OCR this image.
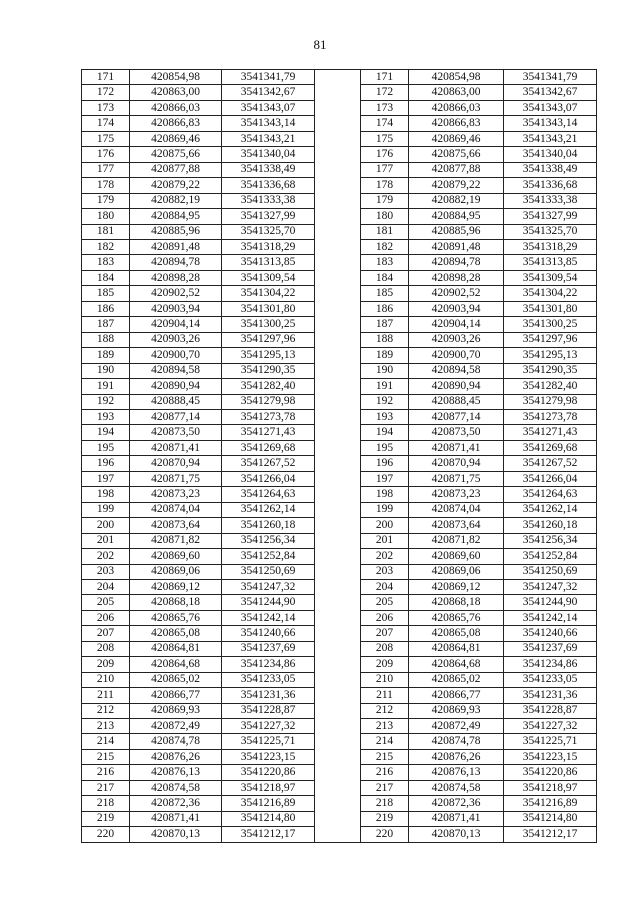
81
171	420854,98	3541341,79		171	420854,98	3541341,79
172	420863,00	3541342,67		172	420863,00	3541342,67
173	420866,03	3541343,07		173	420866,03	3541343,07
174	420866,83	3541343,14		174	420866,83	3541343,14
175	420869,46	3541343,21		175	420869,46	3541343,21
176	420875,66	3541340,04		176	420875,66	3541340,04
177	420877,88	3541338,49		177	420877,88	3541338,49
178	420879,22	3541336,68		178	420879,22	3541336,68
179	420882,19	3541333,38		179	420882,19	3541333,38
180	420884,95	3541327,99		180	420884,95	3541327,99
181	420885,96	3541325,70		181	420885,96	3541325,70
182	420891,48	3541318,29		182	420891,48	3541318,29
183	420894,78	3541313,85		183	420894,78	3541313,85
184	420898,28	3541309,54		184	420898,28	3541309,54
185	420902,52	3541304,22		185	420902,52	3541304,22
186	420903,94	3541301,80		186	420903,94	3541301,80
187	420904,14	3541300,25		187	420904,14	3541300,25
188	420903,26	3541297,96		188	420903,26	3541297,96
189	420900,70	3541295,13		189	420900,70	3541295,13
190	420894,58	3541290,35		190	420894,58	3541290,35
191	420890,94	3541282,40		191	420890,94	3541282,40
192	420888,45	3541279,98		192	420888,45	3541279,98
193	420877,14	3541273,78		193	420877,14	3541273,78
194	420873,50	3541271,43		194	420873,50	3541271,43
195	420871,41	3541269,68		195	420871,41	3541269,68
196	420870,94	3541267,52		196	420870,94	3541267,52
197	420871,75	3541266,04		197	420871,75	3541266,04
198	420873,23	3541264,63		198	420873,23	3541264,63
199	420874,04	3541262,14		199	420874,04	3541262,14
200	420873,64	3541260,18		200	420873,64	3541260,18
201	420871,82	3541256,34		201	420871,82	3541256,34
202	420869,60	3541252,84		202	420869,60	3541252,84
203	420869,06	3541250,69		203	420869,06	3541250,69
204	420869,12	3541247,32		204	420869,12	3541247,32
205	420868,18	3541244,90		205	420868,18	3541244,90
206	420865,76	3541242,14		206	420865,76	3541242,14
207	420865,08	3541240,66		207	420865,08	3541240,66
208	420864,81	3541237,69		208	420864,81	3541237,69
209	420864,68	3541234,86		209	420864,68	3541234,86
210	420865,02	3541233,05		210	420865,02	3541233,05
211	420866,77	3541231,36		211	420866,77	3541231,36
212	420869,93	3541228,87		212	420869,93	3541228,87
213	420872,49	3541227,32		213	420872,49	3541227,32
214	420874,78	3541225,71		214	420874,78	3541225,71
215	420876,26	3541223,15		215	420876,26	3541223,15
216	420876,13	3541220,86		216	420876,13	3541220,86
217	420874,58	3541218,97		217	420874,58	3541218,97
218	420872,36	3541216,89		218	420872,36	3541216,89
219	420871,41	3541214,80		219	420871,41	3541214,80
220	420870,13	3541212,17		220	420870,13	3541212,17
